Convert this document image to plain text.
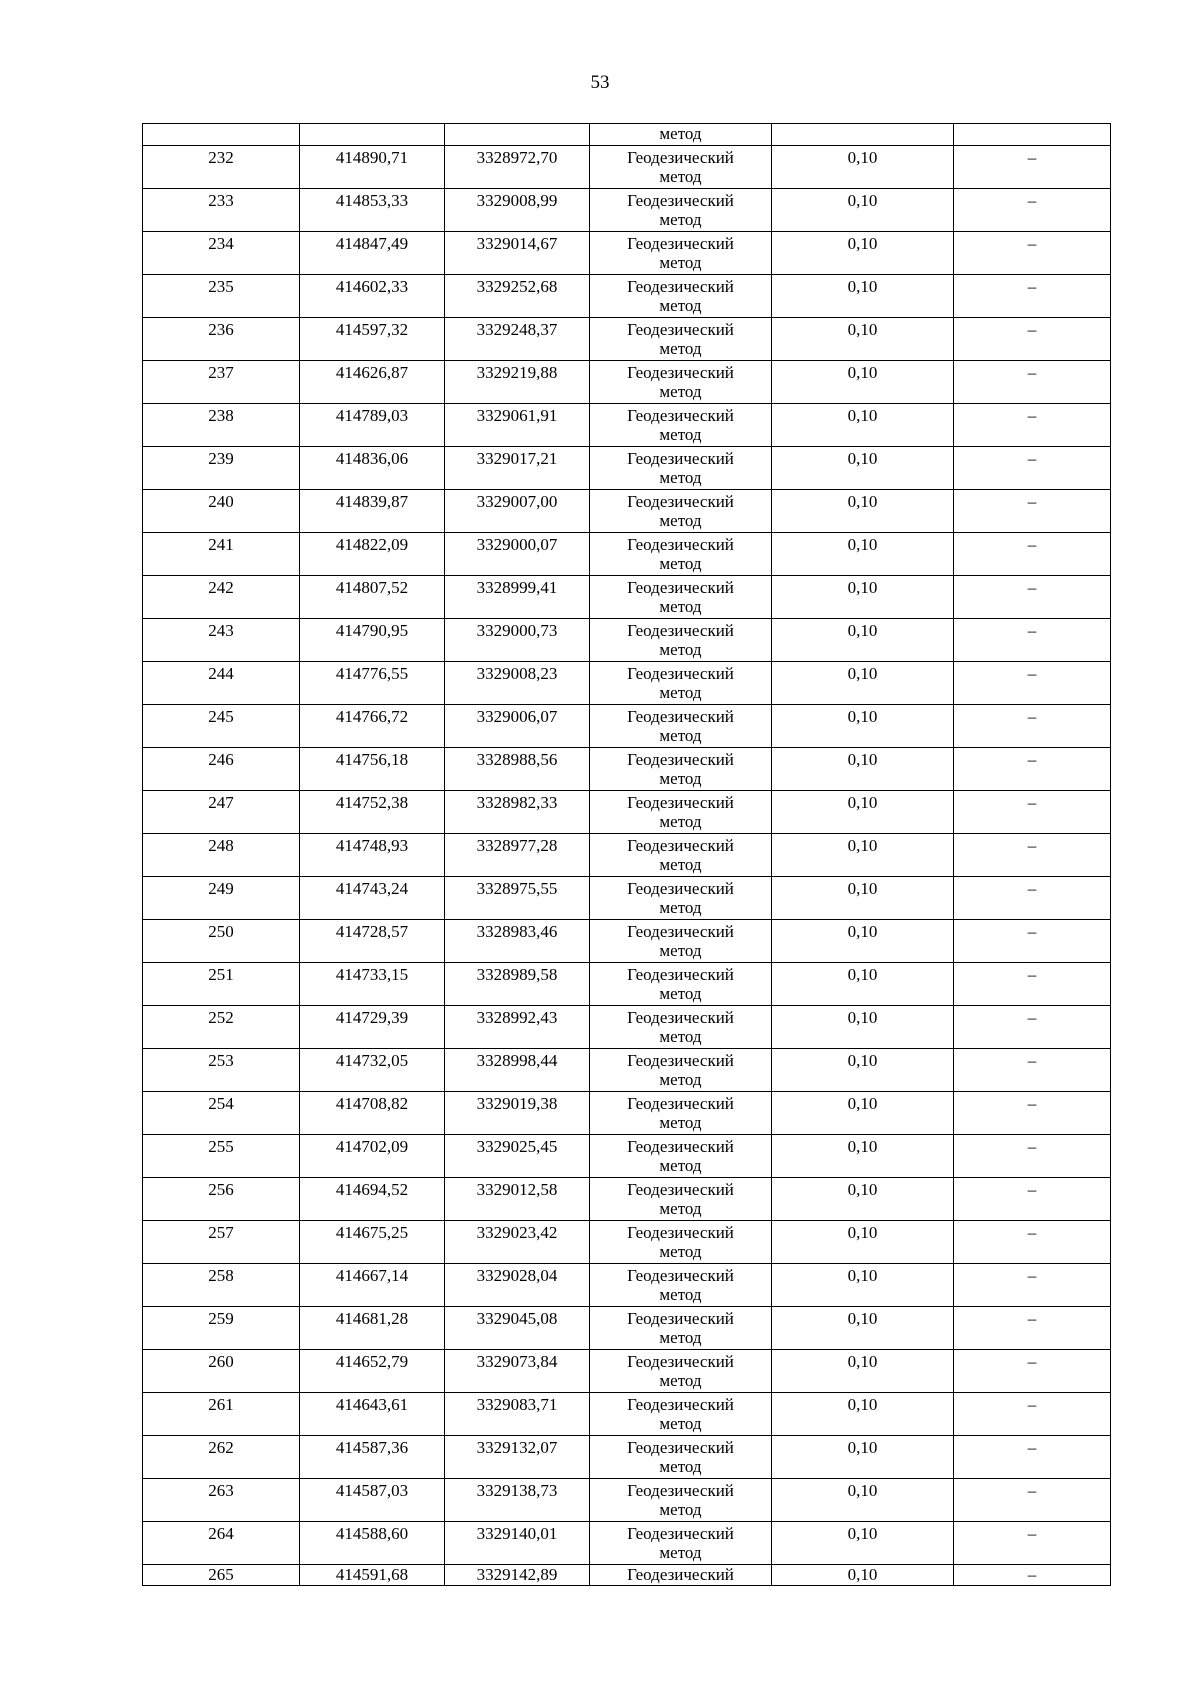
53

			метод		

232	414890,71	3328972,70	Геодезический
метод	0,10	–

233	414853,33	3329008,99	Геодезический
метод	0,10	–

234	414847,49	3329014,67	Геодезический
метод	0,10	–

235	414602,33	3329252,68	Геодезический
метод	0,10	–

236	414597,32	3329248,37	Геодезический
метод	0,10	–

237	414626,87	3329219,88	Геодезический
метод	0,10	–

238	414789,03	3329061,91	Геодезический
метод	0,10	–

239	414836,06	3329017,21	Геодезический
метод	0,10	–

240	414839,87	3329007,00	Геодезический
метод	0,10	–

241	414822,09	3329000,07	Геодезический
метод	0,10	–

242	414807,52	3328999,41	Геодезический
метод	0,10	–

243	414790,95	3329000,73	Геодезический
метод	0,10	–

244	414776,55	3329008,23	Геодезический
метод	0,10	–

245	414766,72	3329006,07	Геодезический
метод	0,10	–

246	414756,18	3328988,56	Геодезический
метод	0,10	–

247	414752,38	3328982,33	Геодезический
метод	0,10	–

248	414748,93	3328977,28	Геодезический
метод	0,10	–

249	414743,24	3328975,55	Геодезический
метод	0,10	–

250	414728,57	3328983,46	Геодезический
метод	0,10	–

251	414733,15	3328989,58	Геодезический
метод	0,10	–

252	414729,39	3328992,43	Геодезический
метод	0,10	–

253	414732,05	3328998,44	Геодезический
метод	0,10	–

254	414708,82	3329019,38	Геодезический
метод	0,10	–

255	414702,09	3329025,45	Геодезический
метод	0,10	–

256	414694,52	3329012,58	Геодезический
метод	0,10	–

257	414675,25	3329023,42	Геодезический
метод	0,10	–

258	414667,14	3329028,04	Геодезический
метод	0,10	–

259	414681,28	3329045,08	Геодезический
метод	0,10	–

260	414652,79	3329073,84	Геодезический
метод	0,10	–

261	414643,61	3329083,71	Геодезический
метод	0,10	–

262	414587,36	3329132,07	Геодезический
метод	0,10	–

263	414587,03	3329138,73	Геодезический
метод	0,10	–

264	414588,60	3329140,01	Геодезический
метод	0,10	–

265	414591,68	3329142,89	Геодезический	0,10	–
